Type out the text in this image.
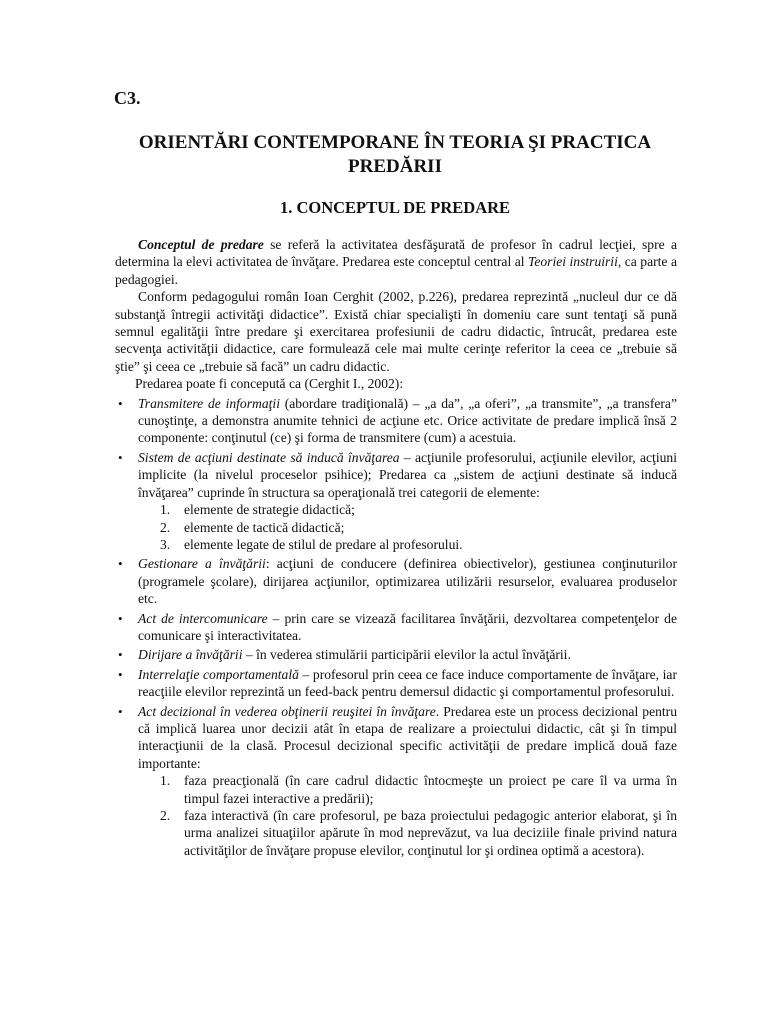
C3.
ORIENTĂRI CONTEMPORANE ÎN TEORIA ŞI PRACTICA PREDĂRII
1. CONCEPTUL DE PREDARE

Conceptul de predare se referă la activitatea desfăşurată de profesor în cadrul lecţiei, spre a determina la elevi activitatea de învăţare. Predarea este conceptul central al Teoriei instruirii, ca parte a pedagogiei.

Conform pedagogului român Ioan Cerghit (2002, p.226), predarea reprezintă „nucleul dur ce dă substanţă întregii activităţi didactice”. Există chiar specialişti în domeniu care sunt tentaţi să pună semnul egalităţii între predare şi exercitarea profesiunii de cadru didactic, întrucât, predarea este secvenţa activităţii didactice, care formulează cele mai multe cerinţe referitor la ceea ce „trebuie să ştie” şi ceea ce „trebuie să facă” un cadru didactic.

Predarea poate fi concepută ca (Cerghit I., 2002):

• Transmitere de informaţii (abordare tradiţională) – „a da”, „a oferi”, „a transmite”, „a transfera” cunoştinţe, a demonstra anumite tehnici de acţiune etc. Orice activitate de predare implică însă 2 componente: conţinutul (ce) şi forma de transmitere (cum) a acestuia.
• Sistem de acţiuni destinate să inducă învăţarea – acţiunile profesorului, acţiunile elevilor, acţiuni implicite (la nivelul proceselor psihice); Predarea ca „sistem de acţiuni destinate să inducă învăţarea” cuprinde în structura sa operaţională trei categorii de elemente:
1. elemente de strategie didactică;
2. elemente de tactică didactică;
3. elemente legate de stilul de predare al profesorului.
• Gestionare a învăţării: acţiuni de conducere (definirea obiectivelor), gestiunea conţinuturilor (programele şcolare), dirijarea acţiunilor, optimizarea utilizării resurselor, evaluarea produselor etc.
• Act de intercomunicare – prin care se vizează facilitarea învăţării, dezvoltarea competenţelor de comunicare şi interactivitatea.
• Dirijare a învăţării – în vederea stimulării participării elevilor la actul învăţării.
• Interrelaţie comportamentală – profesorul prin ceea ce face induce comportamente de învăţare, iar reacţiile elevilor reprezintă un feed-back pentru demersul didactic şi comportamentul profesorului.
• Act decizional în vederea obţinerii reuşitei în învăţare. Predarea este un process decizional pentru că implică luarea unor decizii atât în etapa de realizare a proiectului didactic, cât şi în timpul interacţiunii de la clasă. Procesul decizional specific activităţii de predare implică două faze importante:
1. faza preacţională (în care cadrul didactic întocmeşte un proiect pe care îl va urma în timpul fazei interactive a predării);
2. faza interactivă (în care profesorul, pe baza proiectului pedagogic anterior elaborat, şi în urma analizei situaţiilor apărute în mod neprevăzut, va lua deciziile finale privind natura activităţilor de învăţare propuse elevilor, conţinutul lor şi ordinea optimă a acestora).
